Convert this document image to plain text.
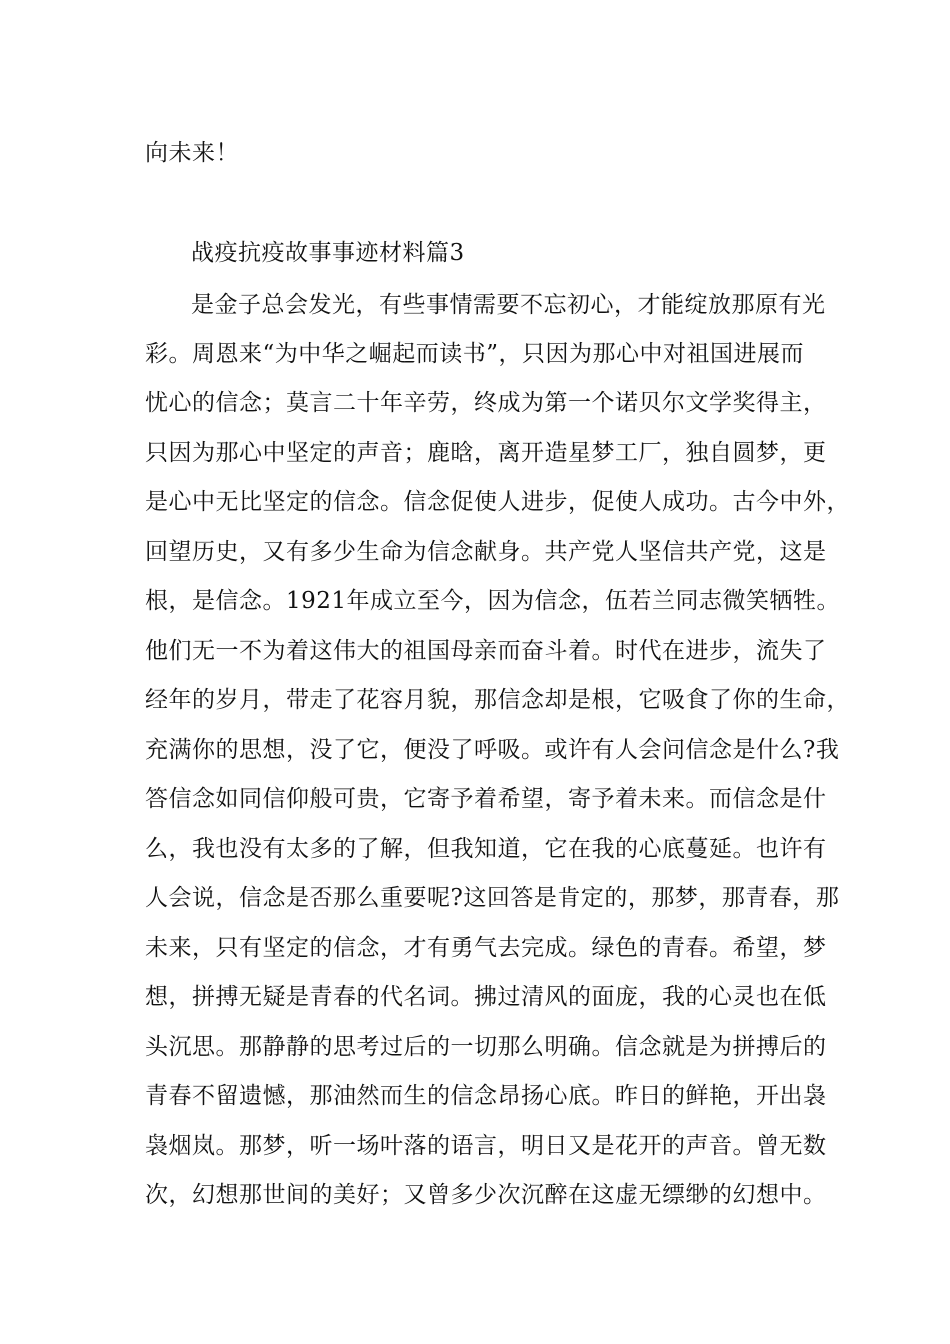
向未来！
战疫抗疫故事事迹材料篇3
是金子总会发光，有些事情需要不忘初心，才能绽放那原有光
彩。周恩来“为中华之崛起而读书”，只因为那心中对祖国进展而
忧心的信念；莫言二十年辛劳，终成为第一个诺贝尔文学奖得主，
只因为那心中坚定的声音；鹿晗，离开造星梦工厂，独自圆梦，更
是心中无比坚定的信念。信念促使人进步，促使人成功。古今中外，
回望历史，又有多少生命为信念献身。共产党人坚信共产党，这是
根，是信念。1921年成立至今，因为信念，伍若兰同志微笑牺牲。
他们无一不为着这伟大的祖国母亲而奋斗着。时代在进步，流失了
经年的岁月，带走了花容月貌，那信念却是根，它吸食了你的生命，
充满你的思想，没了它，便没了呼吸。或许有人会问信念是什么?我
答信念如同信仰般可贵，它寄予着希望，寄予着未来。而信念是什
么，我也没有太多的了解，但我知道，它在我的心底蔓延。也许有
人会说，信念是否那么重要呢?这回答是肯定的，那梦，那青春，那
未来，只有坚定的信念，才有勇气去完成。绿色的青春。希望，梦
想，拼搏无疑是青春的代名词。拂过清风的面庞，我的心灵也在低
头沉思。那静静的思考过后的一切那么明确。信念就是为拼搏后的
青春不留遗憾，那油然而生的信念昂扬心底。昨日的鲜艳，开出袅
袅烟岚。那梦，听一场叶落的语言，明日又是花开的声音。曾无数
次，幻想那世间的美好；又曾多少次沉醉在这虚无缥缈的幻想中。
